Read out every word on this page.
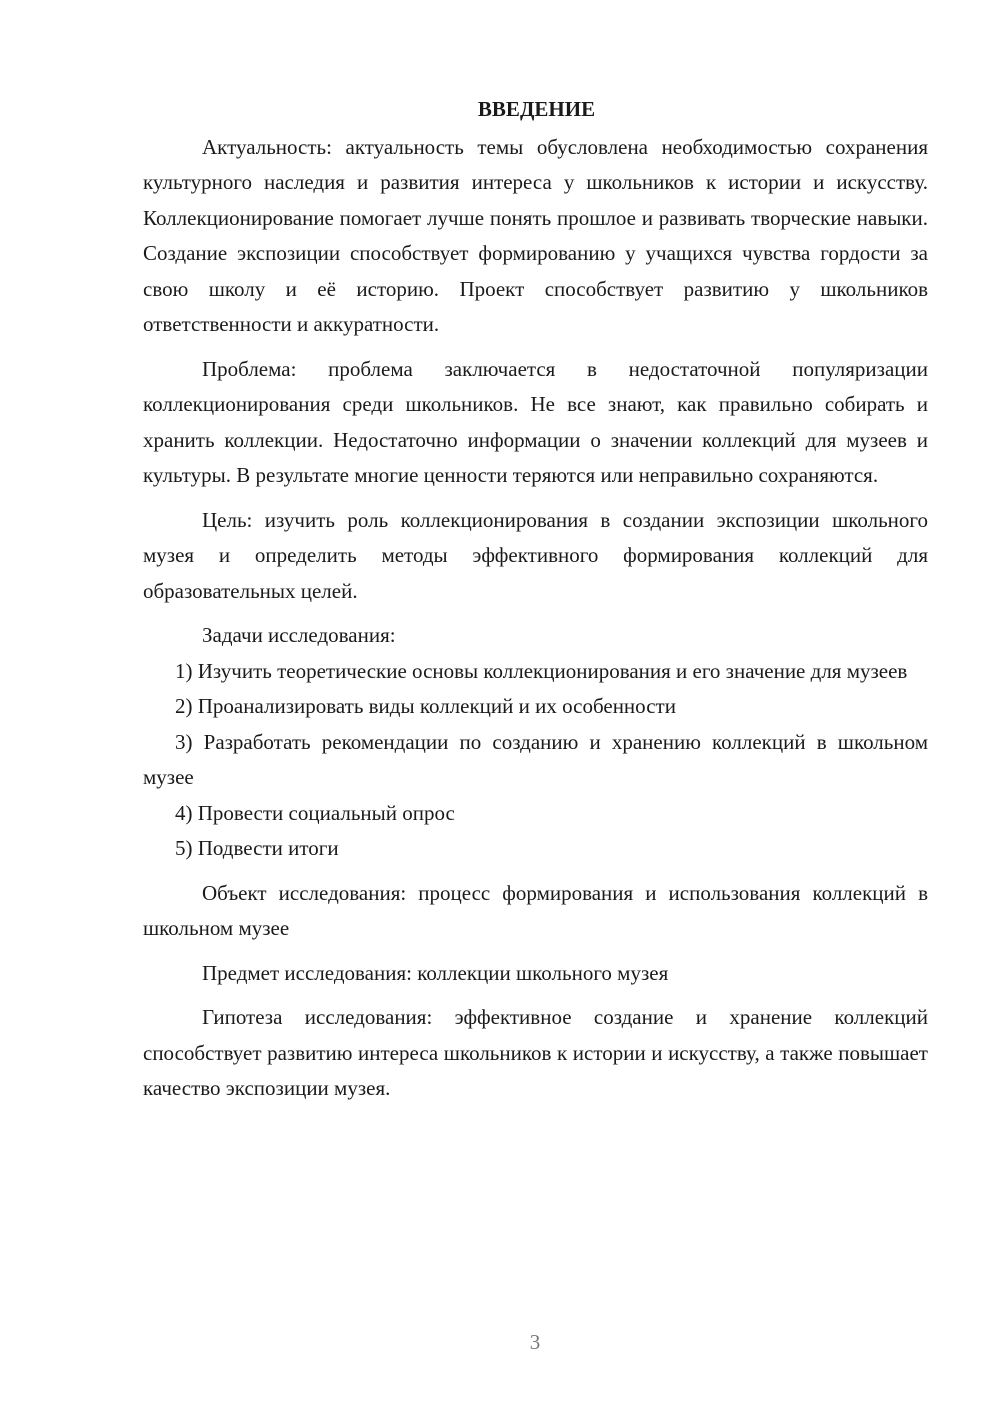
ВВЕДЕНИЕ

Актуальность: актуальность темы обусловлена необходимостью сохранения культурного наследия и развития интереса у школьников к истории и искусству. Коллекционирование помогает лучше понять прошлое и развивать творческие навыки. Создание экспозиции способствует формированию у учащихся чувства гордости за свою школу и её историю. Проект способствует развитию у школьников ответственности и аккуратности.

Проблема: проблема заключается в недостаточной популяризации коллекционирования среди школьников. Не все знают, как правильно собирать и хранить коллекции. Недостаточно информации о значении коллекций для музеев и культуры. В результате многие ценности теряются или неправильно сохраняются.

Цель: изучить роль коллекционирования в создании экспозиции школьного музея и определить методы эффективного формирования коллекций для образовательных целей.

Задачи исследования:

1) Изучить теоретические основы коллекционирования и его значение для музеев

2) Проанализировать виды коллекций и их особенности

3) Разработать рекомендации по созданию и хранению коллекций в школьном музее

4) Провести социальный опрос

5) Подвести итоги

Объект исследования: процесс формирования и использования коллекций в школьном музее

Предмет исследования: коллекции школьного музея

Гипотеза исследования: эффективное создание и хранение коллекций способствует развитию интереса школьников к истории и искусству, а также повышает качество экспозиции музея.

3
